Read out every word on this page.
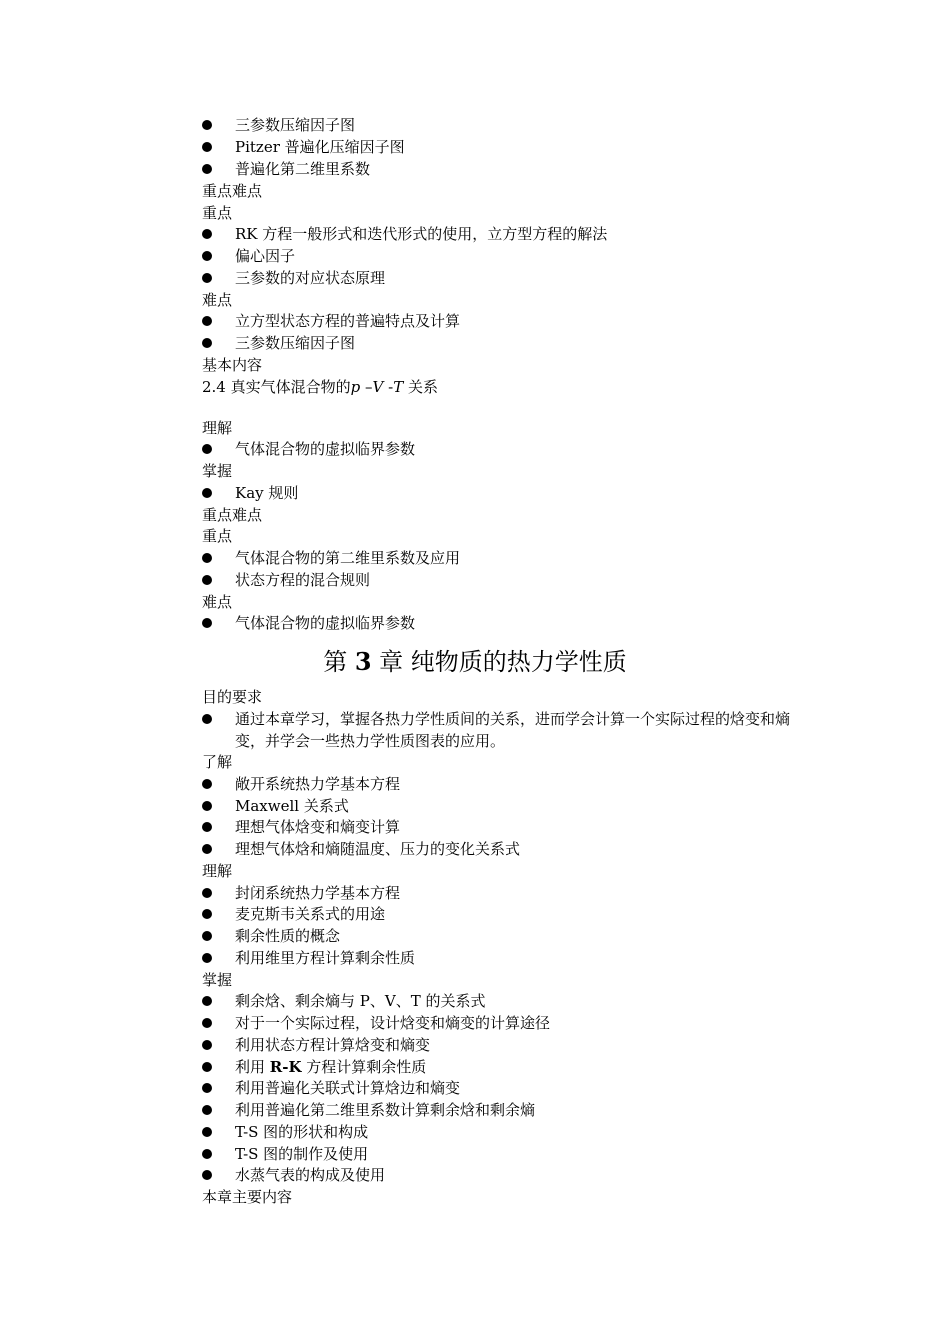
三参数压缩因子图
Pitzer 普遍化压缩因子图
普遍化第二维里系数
重点难点
重点
RK 方程一般形式和迭代形式的使用，立方型方程的解法
偏心因子
三参数的对应状态原理
难点
立方型状态方程的普遍特点及计算
三参数压缩因子图
基本内容
2.4 真实气体混合物的p –V -T 关系
理解
气体混合物的虚拟临界参数
掌握
Kay 规则
重点难点
重点
气体混合物的第二维里系数及应用
状态方程的混合规则
难点
气体混合物的虚拟临界参数
第 3 章 纯物质的热力学性质
目的要求
通过本章学习，掌握各热力学性质间的关系，进而学会计算一个实际过程的焓变和熵变，并学会一些热力学性质图表的应用。
了解
敞开系统热力学基本方程
Maxwell 关系式
理想气体焓变和熵变计算
理想气体焓和熵随温度、压力的变化关系式
理解
封闭系统热力学基本方程
麦克斯韦关系式的用途
剩余性质的概念
利用维里方程计算剩余性质
掌握
剩余焓、剩余熵与 P、V、T 的关系式
对于一个实际过程，设计焓变和熵变的计算途径
利用状态方程计算焓变和熵变
利用 R-K 方程计算剩余性质
利用普遍化关联式计算焓边和熵变
利用普遍化第二维里系数计算剩余焓和剩余熵
T-S 图的形状和构成
T-S 图的制作及使用
水蒸气表的构成及使用
本章主要内容
